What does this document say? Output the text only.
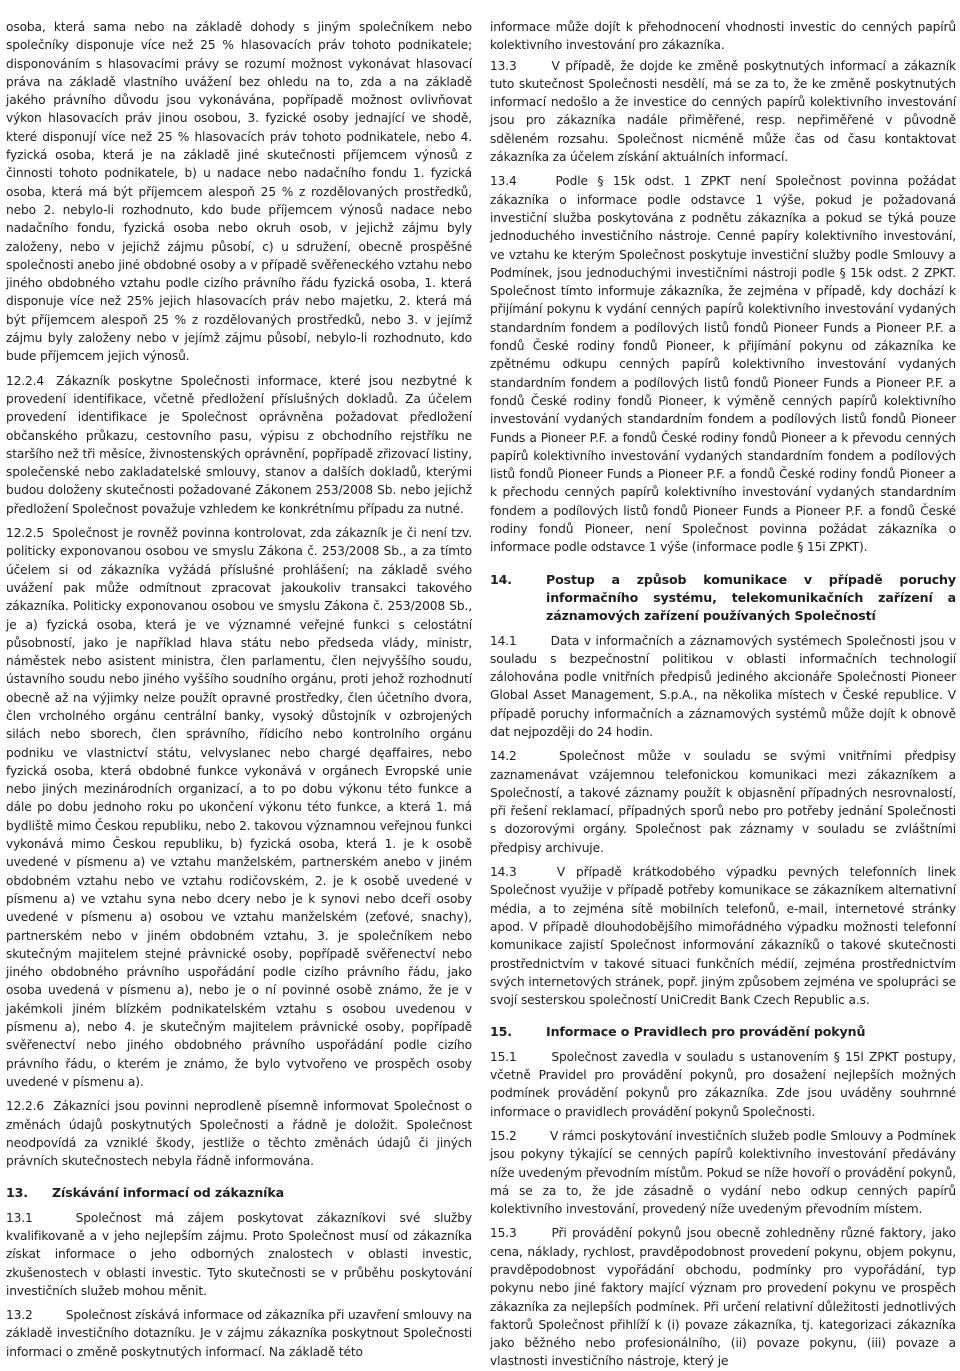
osoba, která sama nebo na základě dohody s jiným společníkem nebo společníky disponuje více než 25 % hlasovacích práv tohoto podnikatele; disponováním s hlasovacími právy se rozumí možnost vykonávat hlasovací práva na základě vlastního uvážení bez ohledu na to, zda a na základě jakého právního důvodu jsou vykonávána, popřípadě možnost ovlivňovat výkon hlasovacích práv jinou osobou, 3. fyzické osoby jednající ve shodě, které disponují více než 25 % hlasovacích práv tohoto podnikatele, nebo 4. fyzická osoba, která je na základě jiné skutečnosti příjemcem výnosů z činnosti tohoto podnikatele, b) u nadace nebo nadačního fondu 1. fyzická osoba, která má být příjemcem alespoň 25 % z rozdělovaných prostředků, nebo 2. nebylo-li rozhodnuto, kdo bude příjemcem výnosů nadace nebo nadačního fondu, fyzická osoba nebo okruh osob, v jejichž zájmu byly založeny, nebo v jejichž zájmu působí, c) u sdružení, obecně prospěšné společnosti anebo jiné obdobné osoby a v případě svěřeneckého vztahu nebo jiného obdobného vztahu podle cizího právního řádu fyzická osoba, 1. která disponuje více než 25% jejich hlasovacích práv nebo majetku, 2. která má být příjemcem alespoň 25 % z rozdělovaných prostředků, nebo 3. v jejímž zájmu byly založeny nebo v jejímž zájmu působí, nebylo-li rozhodnuto, kdo bude příjemcem jejich výnosů.

12.2.4 Zákazník poskytne Společnosti informace, které jsou nezbytné k provedení identifikace, včetně předložení příslušných dokladů. Za účelem provedení identifikace je Společnost oprávněna požadovat předložení občanského průkazu, cestovního pasu, výpisu z obchodního rejstříku ne staršího než tři měsíce, živnostenských oprávnění, popřípadě zřizovací listiny, společenské nebo zakladatelské smlouvy, stanov a dalších dokladů, kterými budou doloženy skutečnosti požadované Zákonem 253/2008 Sb. nebo jejichž předložení Společnost považuje vzhledem ke konkrétnímu případu za nutné.

12.2.5 Společnost je rovněž povinna kontrolovat, zda zákazník je či není tzv. politicky exponovanou osobou ve smyslu Zákona č. 253/2008 Sb., a za tímto účelem si od zákazníka vyžádá příslušné prohlášení; na základě svého uvážení pak může odmítnout zpracovat jakoukoliv transakci takového zákazníka. Politicky exponovanou osobou ve smyslu Zákona č. 253/2008 Sb., je a) fyzická osoba, která je ve významné veřejné funkci s celostátní působností, jako je například hlava státu nebo předseda vlády, ministr, náměstek nebo asistent ministra, člen parlamentu, člen nejvyššího soudu, ústavního soudu nebo jiného vyššího soudního orgánu, proti jehož rozhodnutí obecně až na výjimky nelze použít opravné prostředky, člen účetního dvora, člen vrcholného orgánu centrální banky, vysoký důstojník v ozbrojených silách nebo sborech, člen správního, řídicího nebo kontrolního orgánu podniku ve vlastnictví státu, velvyslanec nebo chargé dęaffaires, nebo fyzická osoba, která obdobné funkce vykonává v orgánech Evropské unie nebo jiných mezinárodních organizací, a to po dobu výkonu této funkce a dále po dobu jednoho roku po ukončení výkonu této funkce, a která 1. má bydliště mimo Českou republiku, nebo 2. takovou významnou veřejnou funkci vykonává mimo Českou republiku, b) fyzická osoba, která 1. je k osobě uvedené v písmenu a) ve vztahu manželském, partnerském anebo v jiném obdobném vztahu nebo ve vztahu rodičovském, 2. je k osobě uvedené v písmenu a) ve vztahu syna nebo dcery nebo je k synovi nebo dceři osoby uvedené v písmenu a) osobou ve vztahu manželském (zeťové, snachy), partnerském nebo v jiném obdobném vztahu, 3. je společníkem nebo skutečným majitelem stejné právnické osoby, popřípadě svěřenectví nebo jiného obdobného právního uspořádání podle cizího právního řádu, jako osoba uvedená v písmenu a), nebo je o ní povinné osobě známo, že je v jakémkoli jiném blízkém podnikatelském vztahu s osobou uvedenou v písmenu a), nebo 4. je skutečným majitelem právnické osoby, popřípadě svěřenectví nebo jiného obdobného právního uspořádání podle cizího právního řádu, o kterém je známo, že bylo vytvořeno ve prospěch osoby uvedené v písmenu a).

12.2.6 Zákazníci jsou povinni neprodleně písemně informovat Společnost o změnách údajů poskytnutých Společnosti a řádně je doložit. Společnost neodpovídá za vzniklé škody, jestliže o těchto změnách údajů či jiných právních skutečnostech nebyla řádně informována.

13.	Získávání informací od zákazníka

13.1	Společnost má zájem poskytovat zákazníkovi své služby kvalifikovaně a v jeho nejlepším zájmu. Proto Společnost musí od zákazníka získat informace o jeho odborných znalostech v oblasti investic, zkušenostech v oblasti investic. Tyto skutečnosti se v průběhu poskytování investičních služeb mohou měnit.

13.2	Společnost získává informace od zákazníka při uzavření smlouvy na základě investičního dotazníku. Je v zájmu zákazníka poskytnout Společnosti informaci o změně poskytnutých informací. Na základě této

informace může dojít k přehodnocení vhodnosti investic do cenných papírů kolektivního investování pro zákazníka.

13.3	V případě, že dojde ke změně poskytnutých informací a zákazník tuto skutečnost Společnosti nesdělí, má se za to, že ke změně poskytnutých informací nedošlo a že investice do cenných papírů kolektivního investování jsou pro zákazníka nadále přiměřené, resp. nepřiměřené v původně sděleném rozsahu. Společnost nicméně může čas od času kontaktovat zákazníka za účelem získání aktuálních informací.

13.4	Podle § 15k odst. 1 ZPKT není Společnost povinna požádat zákazníka o informace podle odstavce 1 výše, pokud je požadovaná investiční služba poskytována z podnětu zákazníka a pokud se týká pouze jednoduchého investičního nástroje. Cenné papíry kolektivního investování, ve vztahu ke kterým Společnost poskytuje investiční služby podle Smlouvy a Podmínek, jsou jednoduchými investičními nástroji podle § 15k odst. 2 ZPKT. Společnost tímto informuje zákazníka, že zejména v případě, kdy dochází k přijímání pokynu k vydání cenných papírů kolektivního investování vydaných standardním fondem a podílových listů fondů Pioneer Funds a Pioneer P.F. a fondů České rodiny fondů Pioneer, k přijímání pokynu od zákazníka ke zpětnému odkupu cenných papírů kolektivního investování vydaných standardním fondem a podílových listů fondů Pioneer Funds a Pioneer P.F. a fondů České rodiny fondů Pioneer, k výměně cenných papírů kolektivního investování vydaných standardním fondem a podílových listů fondů Pioneer Funds a Pioneer P.F. a fondů České rodiny fondů Pioneer a k převodu cenných papírů kolektivního investování vydaných standardním fondem a podílových listů fondů Pioneer Funds a Pioneer P.F. a fondů České rodiny fondů Pioneer a k přechodu cenných papírů kolektivního investování vydaných standardním fondem a podílových listů fondů Pioneer Funds a Pioneer P.F. a fondů České rodiny fondů Pioneer, není Společnost povinna požádat zákazníka o informace podle odstavce 1 výše (informace podle § 15i ZPKT).

14.	Postup a způsob komunikace v případě poruchy informačního systému, telekomunikačních zařízení a záznamových zařízení používaných Společností

14.1	Data v informačních a záznamových systémech Společnosti jsou v souladu s bezpečnostní politikou v oblasti informačních technologií zálohována podle vnitřních předpisů jediného akcionáře Společnosti Pioneer Global Asset Management, S.p.A., na několika místech v České republice. V případě poruchy informačních a záznamových systémů může dojít k obnově dat nejpozději do 24 hodin.

14.2	Společnost může v souladu se svými vnitřními předpisy zaznamenávat vzájemnou telefonickou komunikaci mezi zákazníkem a Společností, a takové záznamy použít k objasnění případných nesrovnalostí, při řešení reklamací, případných sporů nebo pro potřeby jednání Společnosti s dozorovými orgány. Společnost pak záznamy v souladu se zvláštními předpisy archivuje.

14.3	V případě krátkodobého výpadku pevných telefonních linek Společnost využije v případě potřeby komunikace se zákazníkem alternativní média, a to zejména sítě mobilních telefonů, e-mail, internetové stránky apod. V případě dlouhodobějšího mimořádného výpadku možnosti telefonní komunikace zajistí Společnost informování zákazníků o takové skutečnosti prostřednictvím v takové situaci funkčních médií, zejména prostřednictvím svých internetových stránek, popř. jiným způsobem zejména ve spolupráci se svojí sesterskou společností UniCredit Bank Czech Republic a.s.

15.	Informace o Pravidlech pro provádění pokynů

15.1	Společnost zavedla v souladu s ustanovením § 15l ZPKT postupy, včetně Pravidel pro provádění pokynů, pro dosažení nejlepších možných podmínek provádění pokynů pro zákazníka. Zde jsou uváděny souhrnné informace o pravidlech provádění pokynů Společnosti.

15.2	V rámci poskytování investičních služeb podle Smlouvy a Podmínek jsou pokyny týkající se cenných papírů kolektivního investování předávány níže uvedeným převodním místům. Pokud se níže hovoří o provádění pokynů, má se za to, že jde zásadně o vydání nebo odkup cenných papírů kolektivního investování, provedený níže uvedeným převodním místem.

15.3	Při provádění pokynů jsou obecně zohledněny různé faktory, jako cena, náklady, rychlost, pravděpodobnost provedení pokynu, objem pokynu, pravděpodobnost vypořádání obchodu, podmínky pro vypořádání, typ pokynu nebo jiné faktory mající význam pro provedení pokynu ve prospěch zákazníka za nejlepších podmínek. Při určení relativní důležitosti jednotlivých faktorů Společnost přihlíží k (i) povaze zákazníka, tj. kategorizaci zákazníka jako běžného nebo profesionálního, (ii) povaze pokynu, (iii) povaze a vlastnosti investičního nástroje, který je
